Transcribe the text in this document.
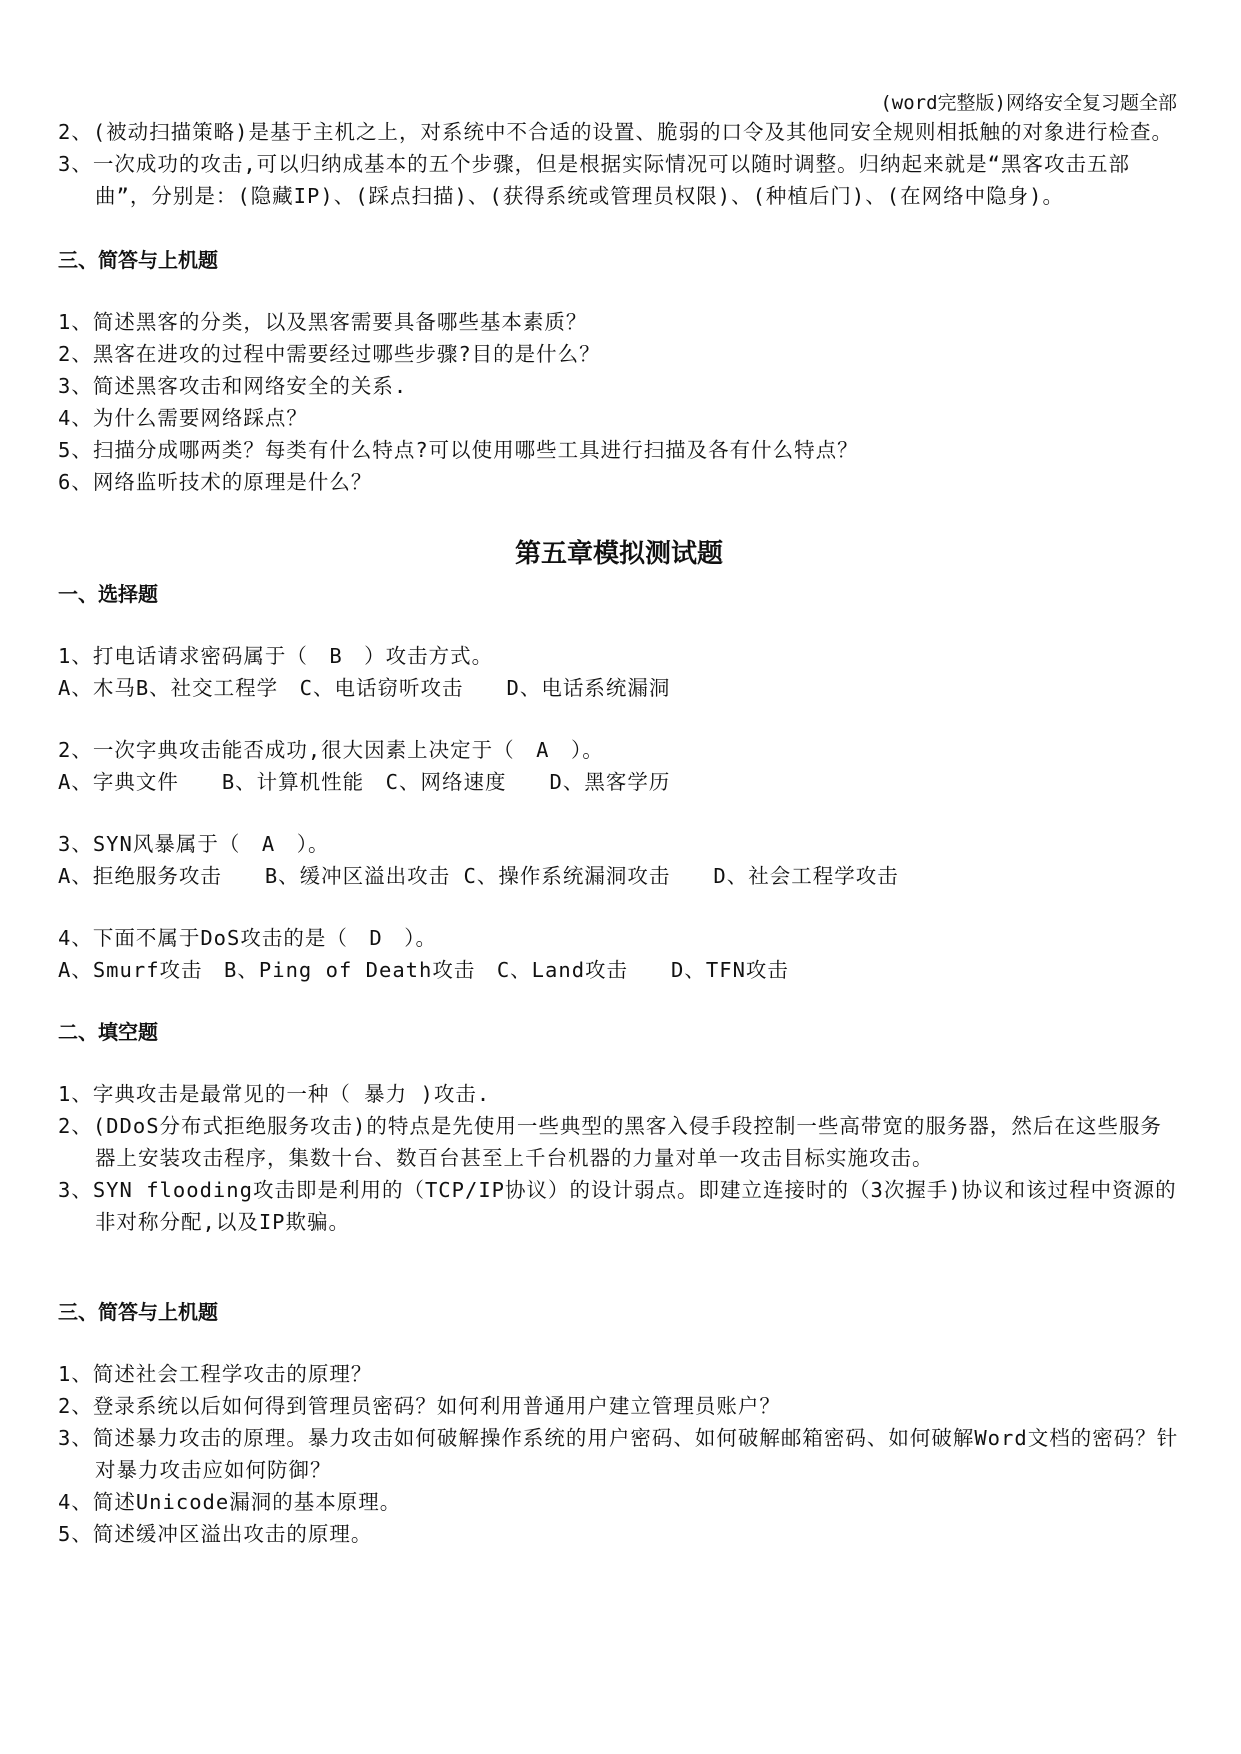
(word完整版)网络安全复习题全部

2、(被动扫描策略)是基于主机之上，对系统中不合适的设置、脆弱的口令及其他同安全规则相抵触的对象进行检查。

3、一次成功的攻击,可以归纳成基本的五个步骤，但是根据实际情况可以随时调整。归纳起来就是“黑客攻击五部曲”，分别是：(隐藏IP)、(踩点扫描)、(获得系统或管理员权限)、(种植后门)、(在网络中隐身)。

三、简答与上机题

1、简述黑客的分类，以及黑客需要具备哪些基本素质？

2、黑客在进攻的过程中需要经过哪些步骤?目的是什么？

3、简述黑客攻击和网络安全的关系.

4、为什么需要网络踩点？

5、扫描分成哪两类？每类有什么特点?可以使用哪些工具进行扫描及各有什么特点？

6、网络监听技术的原理是什么？

第五章模拟测试题

一、选择题

1、打电话请求密码属于（　B　）攻击方式。

A、木马B、社交工程学　C、电话窃听攻击　　D、电话系统漏洞

2、一次字典攻击能否成功,很大因素上决定于（　A　）。

A、字典文件　　B、计算机性能　C、网络速度　　D、黑客学历

3、SYN风暴属于（　A　）。

A、拒绝服务攻击　　B、缓冲区溢出攻击 C、操作系统漏洞攻击　　D、社会工程学攻击

4、下面不属于DoS攻击的是（　D　）。

A、Smurf攻击　B、Ping of Death攻击　C、Land攻击　　D、TFN攻击

二、填空题

1、字典攻击是最常见的一种（ 暴力 )攻击.

2、(DDoS分布式拒绝服务攻击)的特点是先使用一些典型的黑客入侵手段控制一些高带宽的服务器，然后在这些服务器上安装攻击程序，集数十台、数百台甚至上千台机器的力量对单一攻击目标实施攻击。

3、SYN flooding攻击即是利用的（TCP/IP协议）的设计弱点。即建立连接时的（3次握手)协议和该过程中资源的非对称分配,以及IP欺骗。

三、简答与上机题

1、简述社会工程学攻击的原理？

2、登录系统以后如何得到管理员密码？如何利用普通用户建立管理员账户？

3、简述暴力攻击的原理。暴力攻击如何破解操作系统的用户密码、如何破解邮箱密码、如何破解Word文档的密码？针对暴力攻击应如何防御？

4、简述Unicode漏洞的基本原理。

5、简述缓冲区溢出攻击的原理。
